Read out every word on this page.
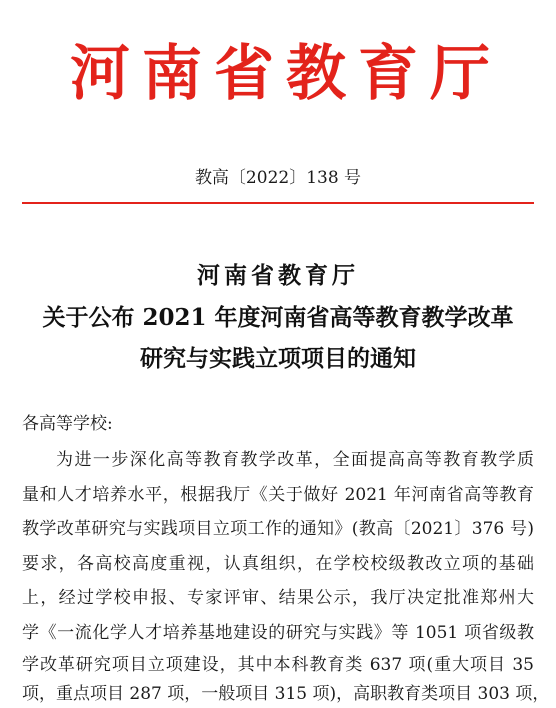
河南省教育厅
教高〔2022〕138 号
河南省教育厅
关于公布 2021 年度河南省高等教育教学改革
研究与实践立项项目的通知
各高等学校:
为进一步深化高等教育教学改革，全面提高高等教育教学质
量和人才培养水平，根据我厅《关于做好 2021 年河南省高等教育
教学改革研究与实践项目立项工作的通知》(教高〔2021〕376 号)
要求，各高校高度重视，认真组织，在学校校级教改立项的基础
上，经过学校申报、专家评审、结果公示，我厅决定批准郑州大
学《一流化学人才培养基地建设的研究与实践》等 1051 项省级教
学改革研究项目立项建设，其中本科教育类 637 项(重大项目 35
项，重点项目 287 项，一般项目 315 项)，高职教育类项目 303 项，
